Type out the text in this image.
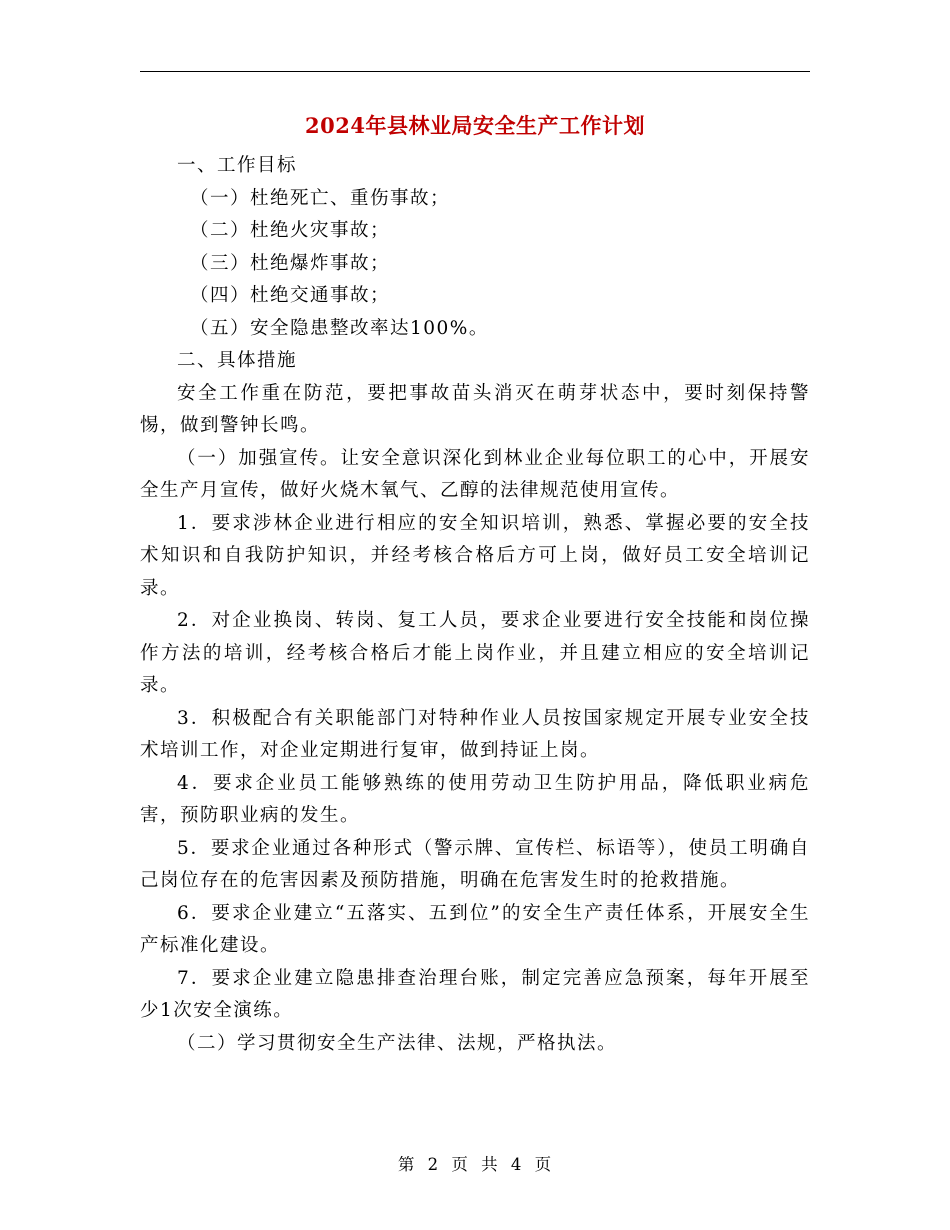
2024年县林业局安全生产工作计划

一、工作目标

（一）杜绝死亡、重伤事故；

（二）杜绝火灾事故；

（三）杜绝爆炸事故；

（四）杜绝交通事故；

（五）安全隐患整改率达100%。

二、具体措施

安全工作重在防范，要把事故苗头消灭在萌芽状态中，要时刻保持警惕，做到警钟长鸣。

（一）加强宣传。让安全意识深化到林业企业每位职工的心中，开展安全生产月宣传，做好火烧木氧气、乙醇的法律规范使用宣传。

1．要求涉林企业进行相应的安全知识培训，熟悉、掌握必要的安全技术知识和自我防护知识，并经考核合格后方可上岗，做好员工安全培训记录。

2．对企业换岗、转岗、复工人员，要求企业要进行安全技能和岗位操作方法的培训，经考核合格后才能上岗作业，并且建立相应的安全培训记录。

3．积极配合有关职能部门对特种作业人员按国家规定开展专业安全技术培训工作，对企业定期进行复审，做到持证上岗。

4．要求企业员工能够熟练的使用劳动卫生防护用品，降低职业病危害，预防职业病的发生。

5．要求企业通过各种形式（警示牌、宣传栏、标语等），使员工明确自己岗位存在的危害因素及预防措施，明确在危害发生时的抢救措施。

6．要求企业建立“五落实、五到位”的安全生产责任体系，开展安全生产标准化建设。

7．要求企业建立隐患排查治理台账，制定完善应急预案，每年开展至少1次安全演练。

（二）学习贯彻安全生产法律、法规，严格执法。

第 2 页 共 4 页
